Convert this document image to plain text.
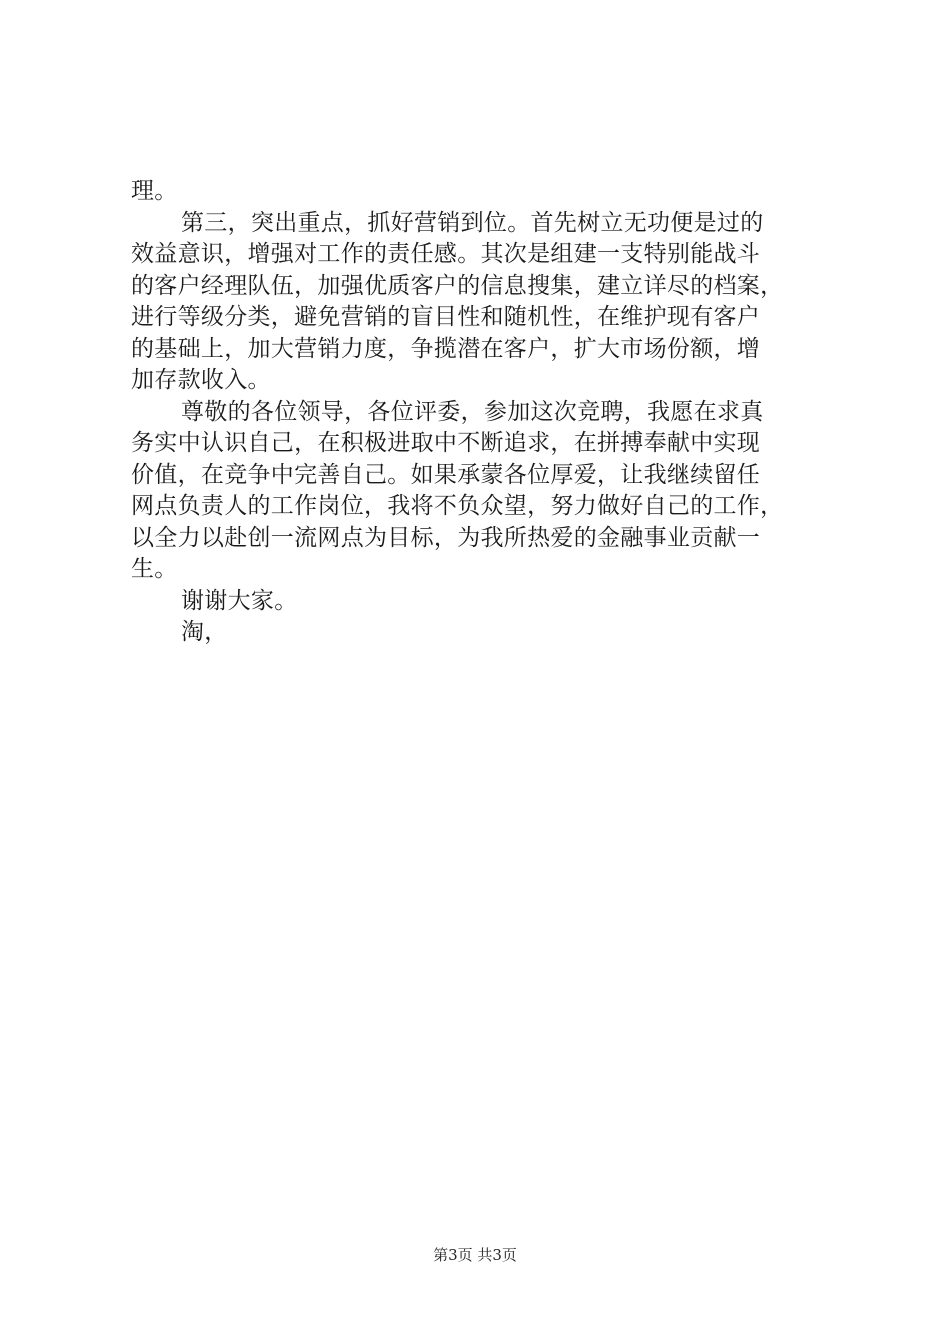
理。
第三，突出重点，抓好营销到位。首先树立无功便是过的
效益意识，增强对工作的责任感。其次是组建一支特别能战斗
的客户经理队伍，加强优质客户的信息搜集，建立详尽的档案，
进行等级分类，避免营销的盲目性和随机性，在维护现有客户
的基础上，加大营销力度，争揽潜在客户，扩大市场份额，增
加存款收入。
尊敬的各位领导，各位评委，参加这次竞聘，我愿在求真
务实中认识自己，在积极进取中不断追求，在拼搏奉献中实现
价值，在竞争中完善自己。如果承蒙各位厚爱，让我继续留任
网点负责人的工作岗位，我将不负众望，努力做好自己的工作，
以全力以赴创一流网点为目标，为我所热爱的金融事业贡献一
生。
谢谢大家。
淘，
第3页 共3页
